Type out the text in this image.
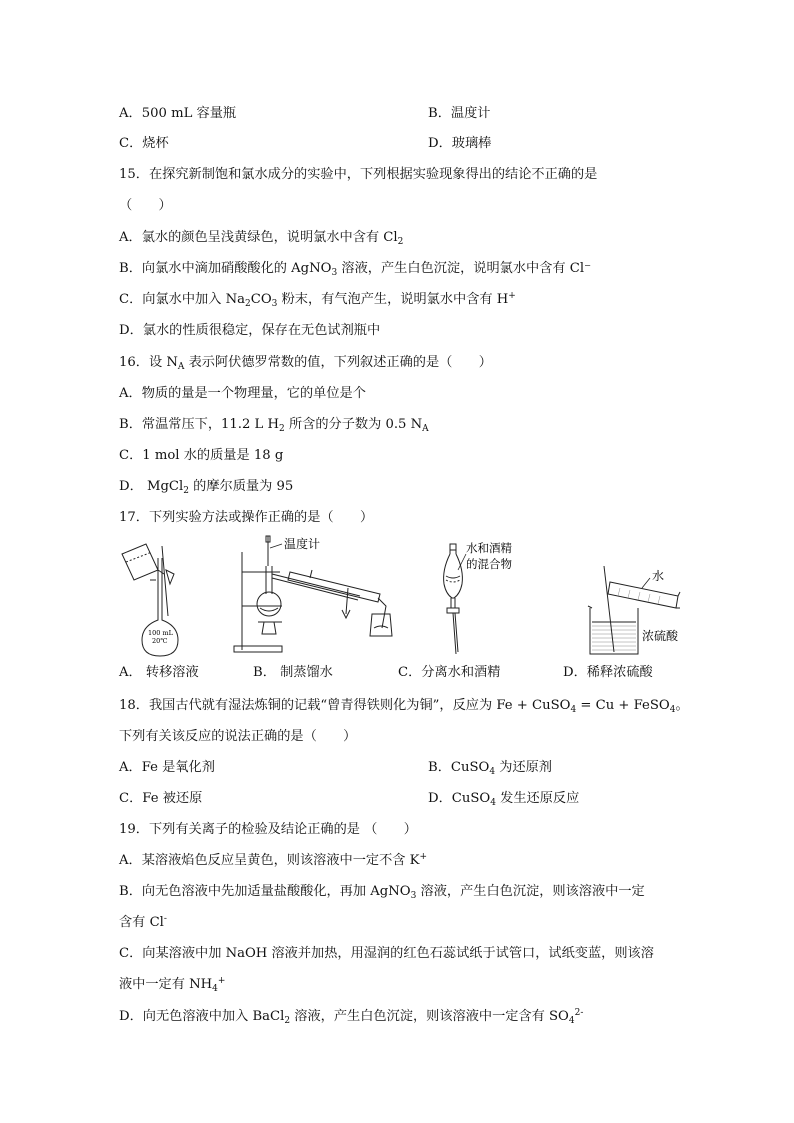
A．500 mL 容量瓶	B．温度计
C．烧杯	D．玻璃棒
15．在探究新制饱和氯水成分的实验中，下列根据实验现象得出的结论不正确的是
（　　）
A．氯水的颜色呈浅黄绿色，说明氯水中含有 $Cl_2$
B．向氯水中滴加硝酸酸化的 AgNO$_3$ 溶液，产生白色沉淀，说明氯水中含有 Cl⁻
C．向氯水中加入 $Na_2CO_3$ 粉末，有气泡产生，说明氯水中含有 H+
D．氯水的性质很稳定，保存在无色试剂瓶中
16．设 $N_A$ 表示阿伏德罗常数的值，下列叙述正确的是（　　）
A．物质的量是一个物理量，它的单位是个
B．常温常压下，11.2 L $H_2$ 所含的分子数为 0.5 $N_A$
C．1 mol 水的质量是 18 g
D． MgCl$_2$ 的摩尔质量为 95
17．下列实验方法或操作正确的是（　　）
100 mL
20℃
温度计	水和酒精
的混合物
水
浓硫酸
A． 转移溶液	B． 制蒸馏水	C．分离水和酒精	D．稀释浓硫酸
18．我国古代就有湿法炼铜的记载“曾青得铁则化为铜”，反应为 Fe + CuSO$_4$ = Cu + FeSO$_4$。
下列有关该反应的说法正确的是（　　）
A．Fe 是氧化剂	B．CuSO$_4$ 为还原剂
C．Fe 被还原	D．CuSO$_4$ 发生还原反应
19．下列有关离子的检验及结论正确的是 （　　）
A．某溶液焰色反应呈黄色，则该溶液中一定不含 K+
B．向无色溶液中先加适量盐酸酸化，再加 AgNO$_3$ 溶液，产生白色沉淀，则该溶液中一定
含有 Cl-
C．向某溶液中加 NaOH 溶液并加热，用湿润的红色石蕊试纸于试管口，试纸变蓝，则该溶
液中一定有 $NH_4^+$
D．向无色溶液中加入 BaCl$_2$ 溶液，产生白色沉淀，则该溶液中一定含有 $SO_4^{2-}$
